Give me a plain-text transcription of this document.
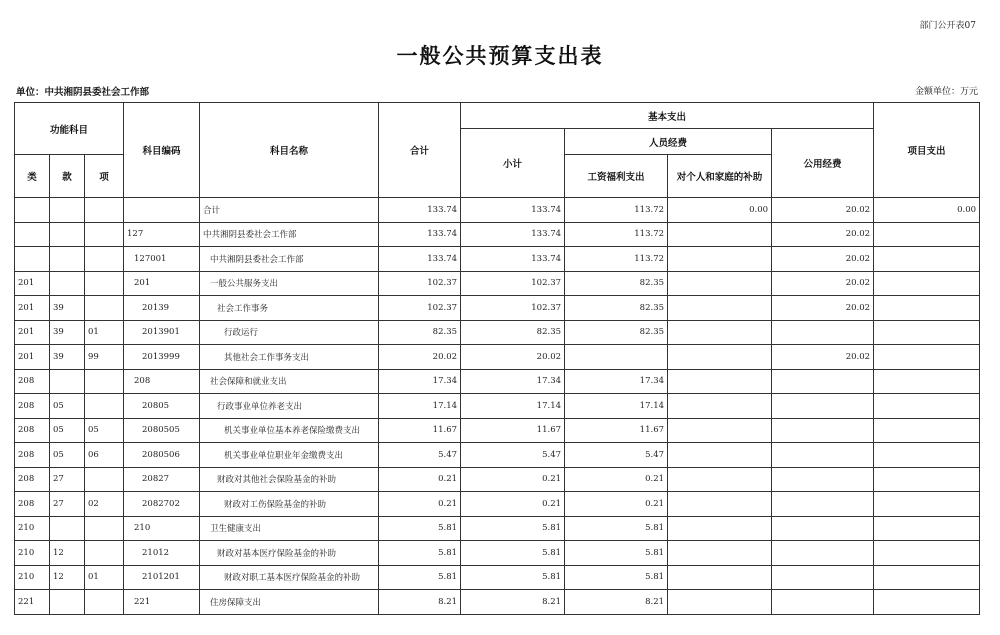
部门公开表07
一般公共预算支出表
单位：中共湘阴县委社会工作部	金额单位：万元
功能科目			科目编码	科目名称	合计	基本支出				项目支出
						小计	人员经费		公用经费	
类	款	项					工资福利支出	对个人和家庭的补助		
				合计	133.74	133.74	113.72	0.00	20.02	0.00
			127	中共湘阴县委社会工作部	133.74	133.74	113.72		20.02	
			127001	中共湘阴县委社会工作部	133.74	133.74	113.72		20.02	
201			201	一般公共服务支出	102.37	102.37	82.35		20.02	
201	39		20139	社会工作事务	102.37	102.37	82.35		20.02	
201	39	01	2013901	行政运行	82.35	82.35	82.35			
201	39	99	2013999	其他社会工作事务支出	20.02	20.02			20.02	
208			208	社会保障和就业支出	17.34	17.34	17.34			
208	05		20805	行政事业单位养老支出	17.14	17.14	17.14			
208	05	05	2080505	机关事业单位基本养老保险缴费支出	11.67	11.67	11.67			
208	05	06	2080506	机关事业单位职业年金缴费支出	5.47	5.47	5.47			
208	27		20827	财政对其他社会保险基金的补助	0.21	0.21	0.21			
208	27	02	2082702	财政对工伤保险基金的补助	0.21	0.21	0.21			
210			210	卫生健康支出	5.81	5.81	5.81			
210	12		21012	财政对基本医疗保险基金的补助	5.81	5.81	5.81			
210	12	01	2101201	财政对职工基本医疗保险基金的补助	5.81	5.81	5.81			
221			221	住房保障支出	8.21	8.21	8.21			
